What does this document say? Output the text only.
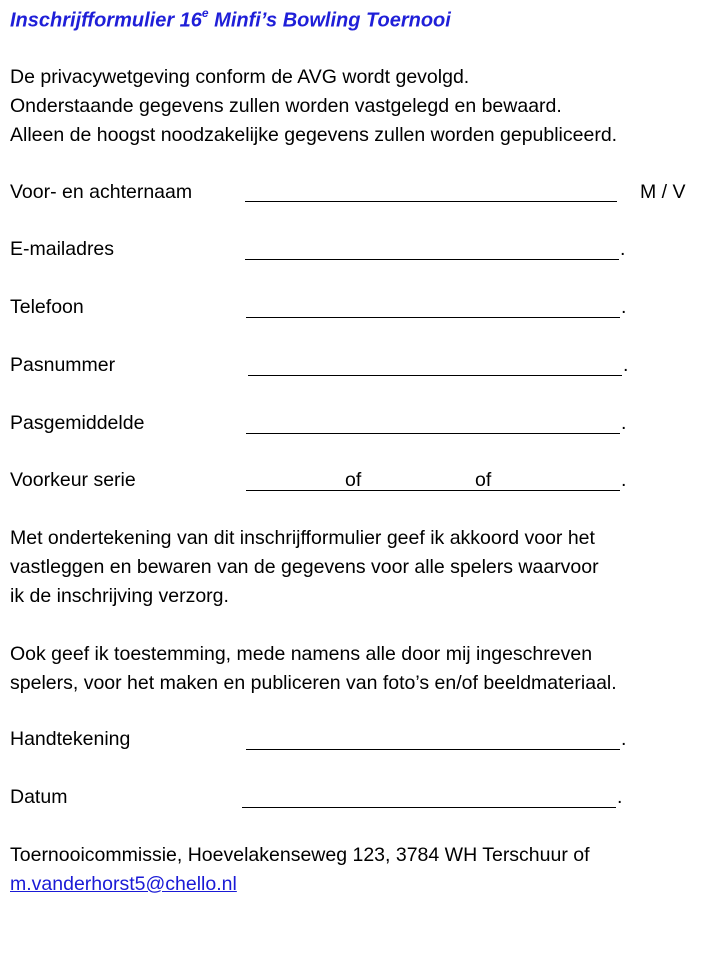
Inschrijfformulier 16e Minfi’s Bowling Toernooi
De privacywetgeving conform de AVG wordt gevolgd.
Onderstaande gegevens zullen worden vastgelegd en bewaard.
Alleen de hoogst noodzakelijke gegevens zullen worden gepubliceerd.
Voor- en achternaam	M / V
E-mailadres	.
Telefoon	.
Pasnummer	.
Pasgemiddelde	.
Voorkeur serie	of	of	.
Met ondertekening van dit inschrijfformulier geef ik akkoord voor het
vastleggen en bewaren van de gegevens voor alle spelers waarvoor
ik de inschrijving verzorg.
Ook geef ik toestemming, mede namens alle door mij ingeschreven
spelers, voor het maken en publiceren van foto’s en/of beeldmateriaal.
Handtekening	.
Datum	.
Toernooicommissie, Hoevelakenseweg 123, 3784 WH Terschuur of
m.vanderhorst5@chello.nl
